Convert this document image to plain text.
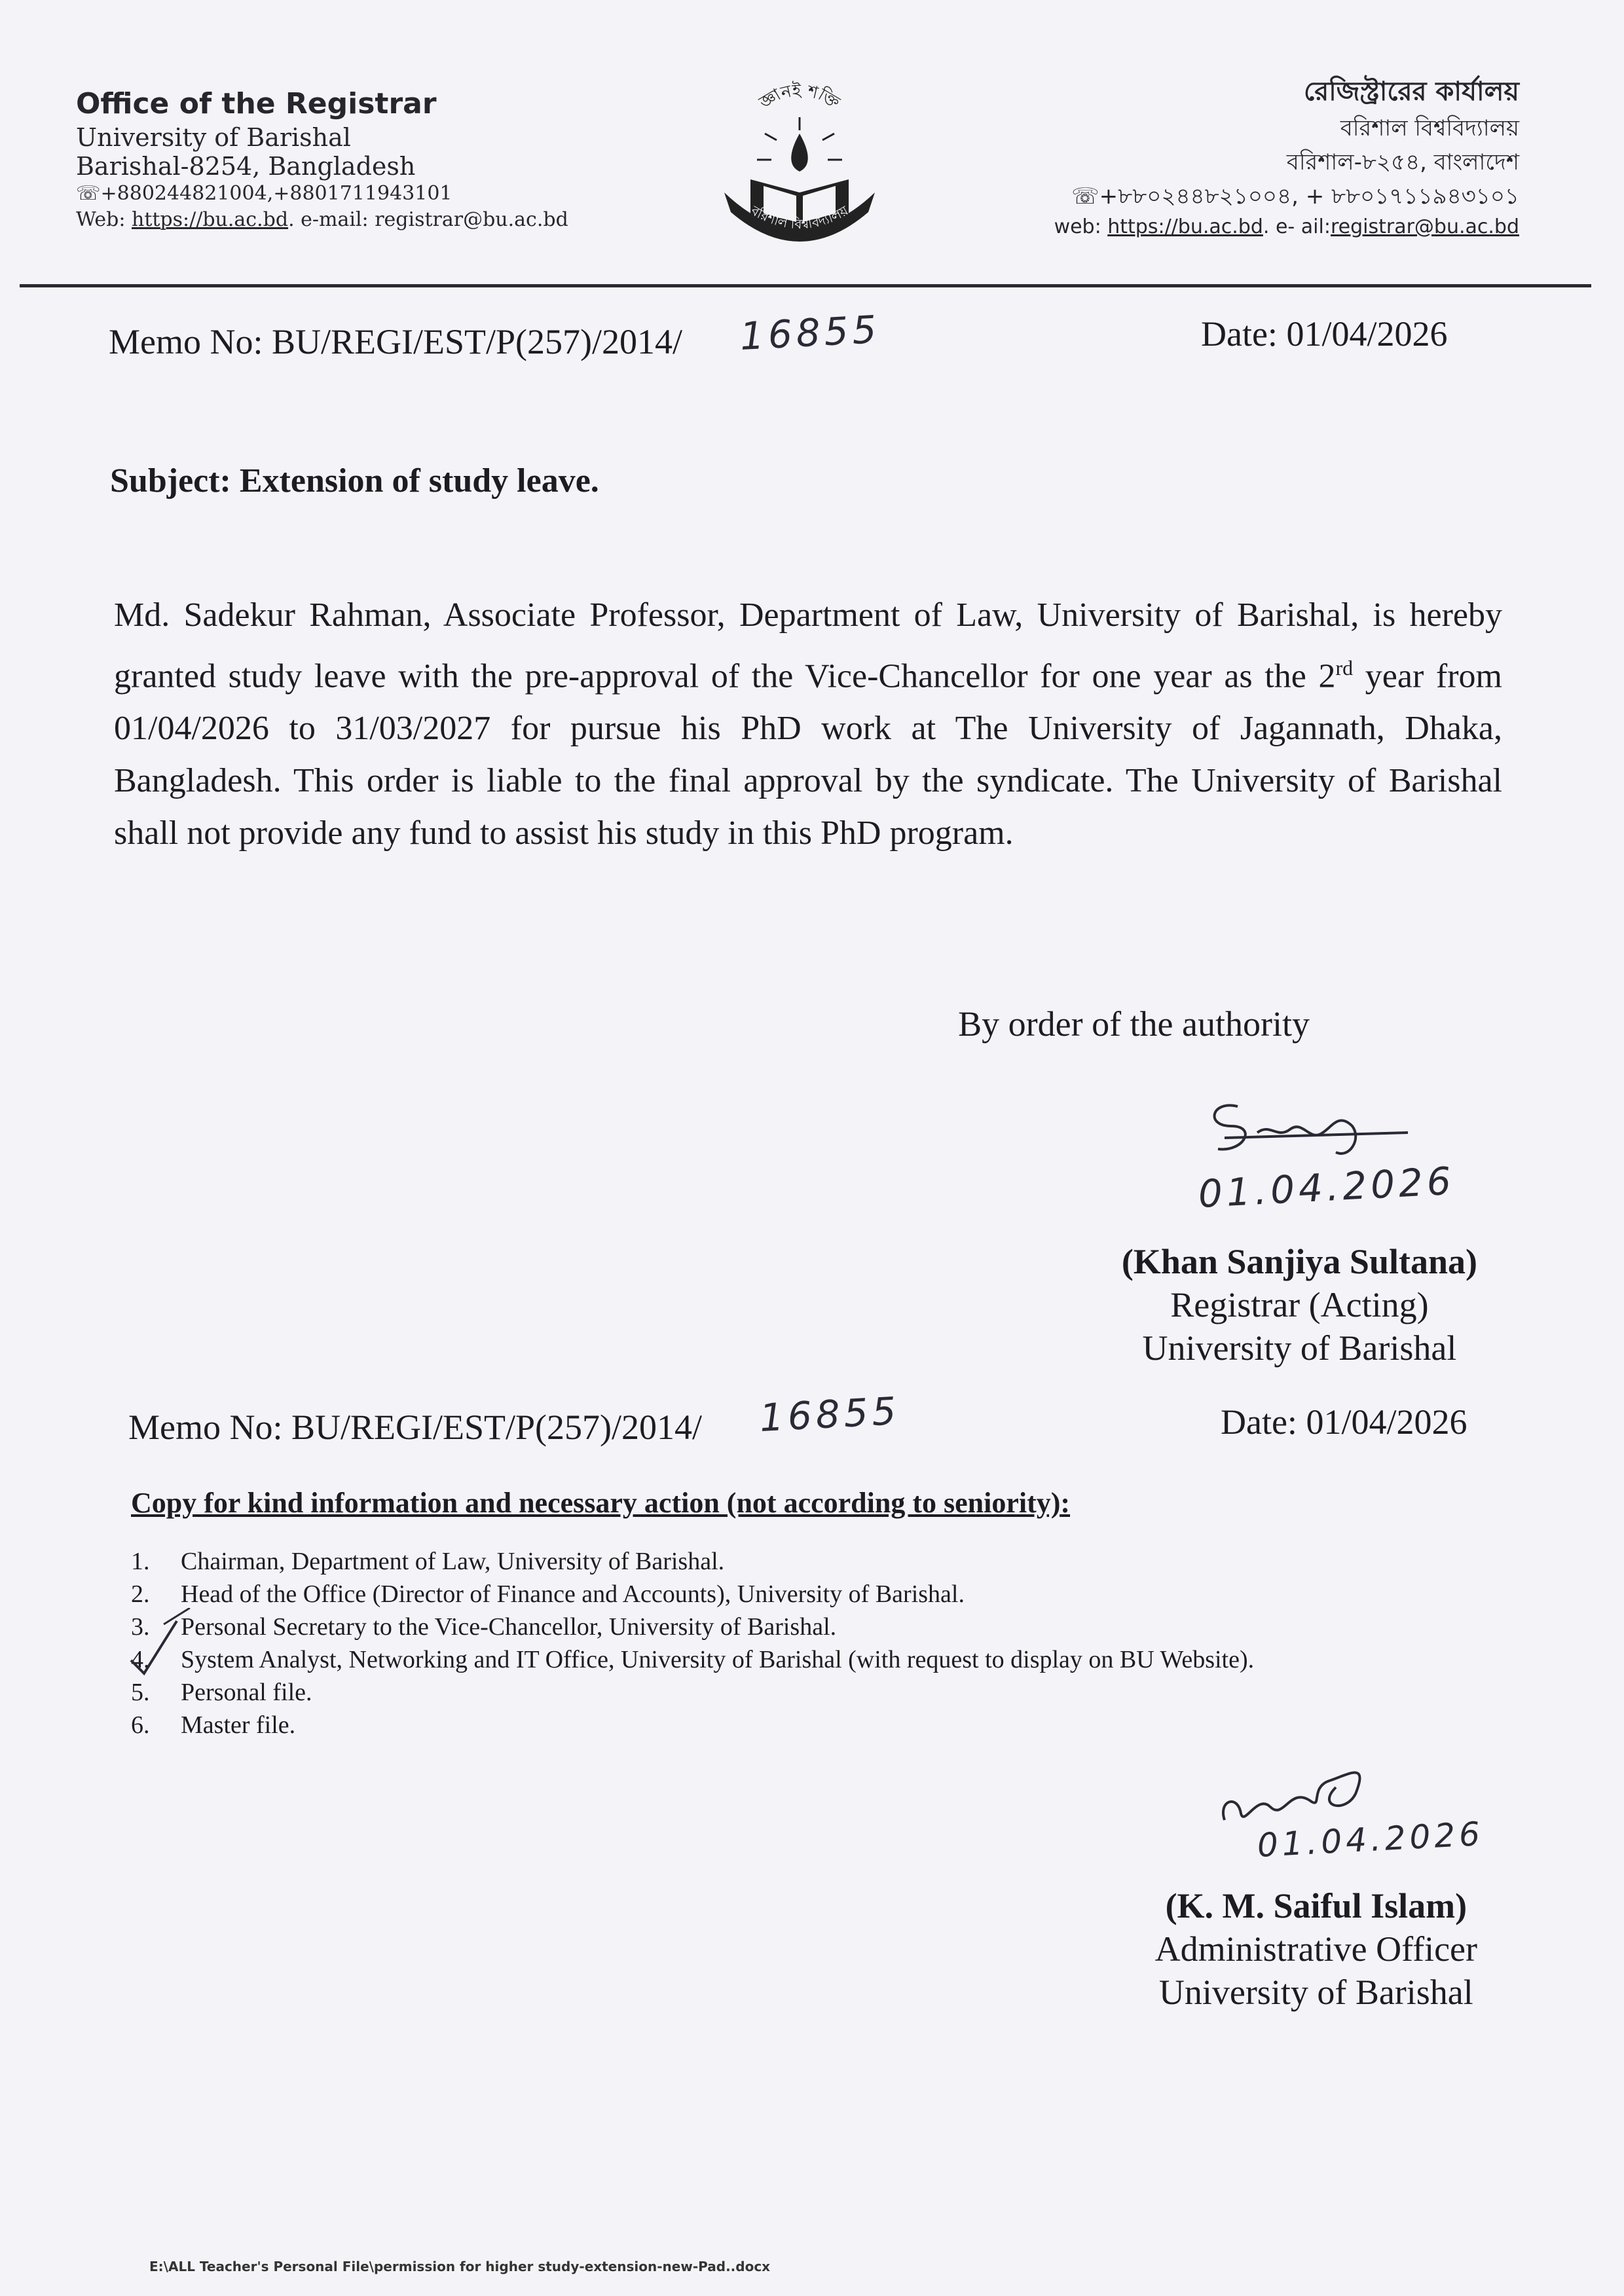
Office of the Registrar
University of Barishal
Barishal-8254, Bangladesh
☏+880244821004,+8801711943101
Web: https://bu.ac.bd. e-mail: registrar@bu.ac.bd
জ্ঞানই শক্তি
বরিশাল বিশ্ববিদ্যালয়
রেজিস্ট্রারের কার্যালয়
বরিশাল বিশ্ববিদ্যালয়
বরিশাল-৮২৫৪, বাংলাদেশ
☏+৮৮০২৪৪৮২১০০৪, + ৮৮০১৭১১৯৪৩১০১
web: https://bu.ac.bd. e- ail:registrar@bu.ac.bd
Memo No: BU/REGI/EST/P(257)/2014/ 16855	Date: 01/04/2026
Subject: Extension of study leave.
Md. Sadekur Rahman, Associate Professor, Department of Law, University of Barishal, is hereby granted study leave with the pre-approval of the Vice-Chancellor for one year as the 2rd year from 01/04/2026 to 31/03/2027 for pursue his PhD work at The University of Jagannath, Dhaka, Bangladesh. This order is liable to the final approval by the syndicate. The University of Barishal shall not provide any fund to assist his study in this PhD program.
By order of the authority
01.04.2026
(Khan Sanjiya Sultana)
Registrar (Acting)
University of Barishal
Memo No: BU/REGI/EST/P(257)/2014/ 16855	Date: 01/04/2026
Copy for kind information and necessary action (not according to seniority):
1.	Chairman, Department of Law, University of Barishal.
2.	Head of the Office (Director of Finance and Accounts), University of Barishal.
3.	Personal Secretary to the Vice-Chancellor, University of Barishal.
4.	System Analyst, Networking and IT Office, University of Barishal (with request to display on BU Website).
5.	Personal file.
6.	Master file.
01.04.2026
(K. M. Saiful Islam)
Administrative Officer
University of Barishal
E:\ALL Teacher's Personal File\permission for higher study-extension-new-Pad..docx
